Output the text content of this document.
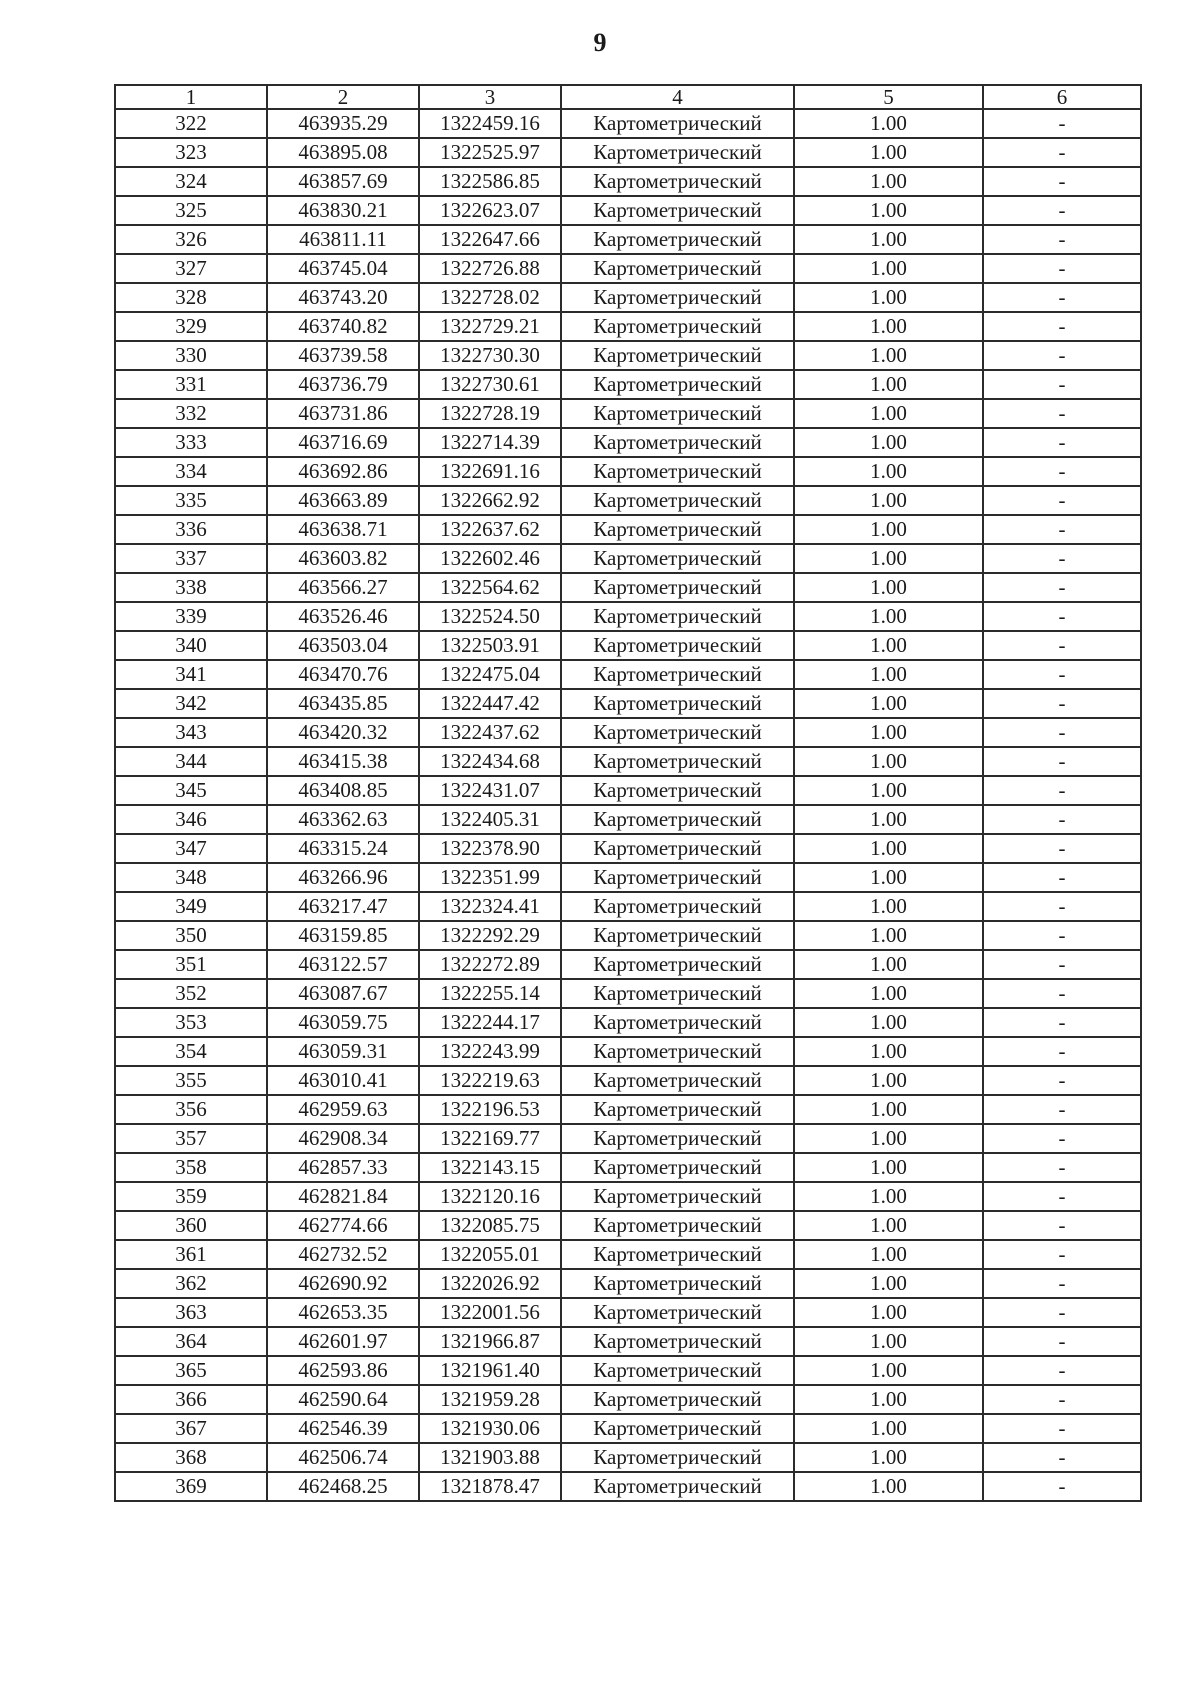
9
1	2	3	4	5	6
322	463935.29	1322459.16	Картометрический	1.00	-
323	463895.08	1322525.97	Картометрический	1.00	-
324	463857.69	1322586.85	Картометрический	1.00	-
325	463830.21	1322623.07	Картометрический	1.00	-
326	463811.11	1322647.66	Картометрический	1.00	-
327	463745.04	1322726.88	Картометрический	1.00	-
328	463743.20	1322728.02	Картометрический	1.00	-
329	463740.82	1322729.21	Картометрический	1.00	-
330	463739.58	1322730.30	Картометрический	1.00	-
331	463736.79	1322730.61	Картометрический	1.00	-
332	463731.86	1322728.19	Картометрический	1.00	-
333	463716.69	1322714.39	Картометрический	1.00	-
334	463692.86	1322691.16	Картометрический	1.00	-
335	463663.89	1322662.92	Картометрический	1.00	-
336	463638.71	1322637.62	Картометрический	1.00	-
337	463603.82	1322602.46	Картометрический	1.00	-
338	463566.27	1322564.62	Картометрический	1.00	-
339	463526.46	1322524.50	Картометрический	1.00	-
340	463503.04	1322503.91	Картометрический	1.00	-
341	463470.76	1322475.04	Картометрический	1.00	-
342	463435.85	1322447.42	Картометрический	1.00	-
343	463420.32	1322437.62	Картометрический	1.00	-
344	463415.38	1322434.68	Картометрический	1.00	-
345	463408.85	1322431.07	Картометрический	1.00	-
346	463362.63	1322405.31	Картометрический	1.00	-
347	463315.24	1322378.90	Картометрический	1.00	-
348	463266.96	1322351.99	Картометрический	1.00	-
349	463217.47	1322324.41	Картометрический	1.00	-
350	463159.85	1322292.29	Картометрический	1.00	-
351	463122.57	1322272.89	Картометрический	1.00	-
352	463087.67	1322255.14	Картометрический	1.00	-
353	463059.75	1322244.17	Картометрический	1.00	-
354	463059.31	1322243.99	Картометрический	1.00	-
355	463010.41	1322219.63	Картометрический	1.00	-
356	462959.63	1322196.53	Картометрический	1.00	-
357	462908.34	1322169.77	Картометрический	1.00	-
358	462857.33	1322143.15	Картометрический	1.00	-
359	462821.84	1322120.16	Картометрический	1.00	-
360	462774.66	1322085.75	Картометрический	1.00	-
361	462732.52	1322055.01	Картометрический	1.00	-
362	462690.92	1322026.92	Картометрический	1.00	-
363	462653.35	1322001.56	Картометрический	1.00	-
364	462601.97	1321966.87	Картометрический	1.00	-
365	462593.86	1321961.40	Картометрический	1.00	-
366	462590.64	1321959.28	Картометрический	1.00	-
367	462546.39	1321930.06	Картометрический	1.00	-
368	462506.74	1321903.88	Картометрический	1.00	-
369	462468.25	1321878.47	Картометрический	1.00	-
